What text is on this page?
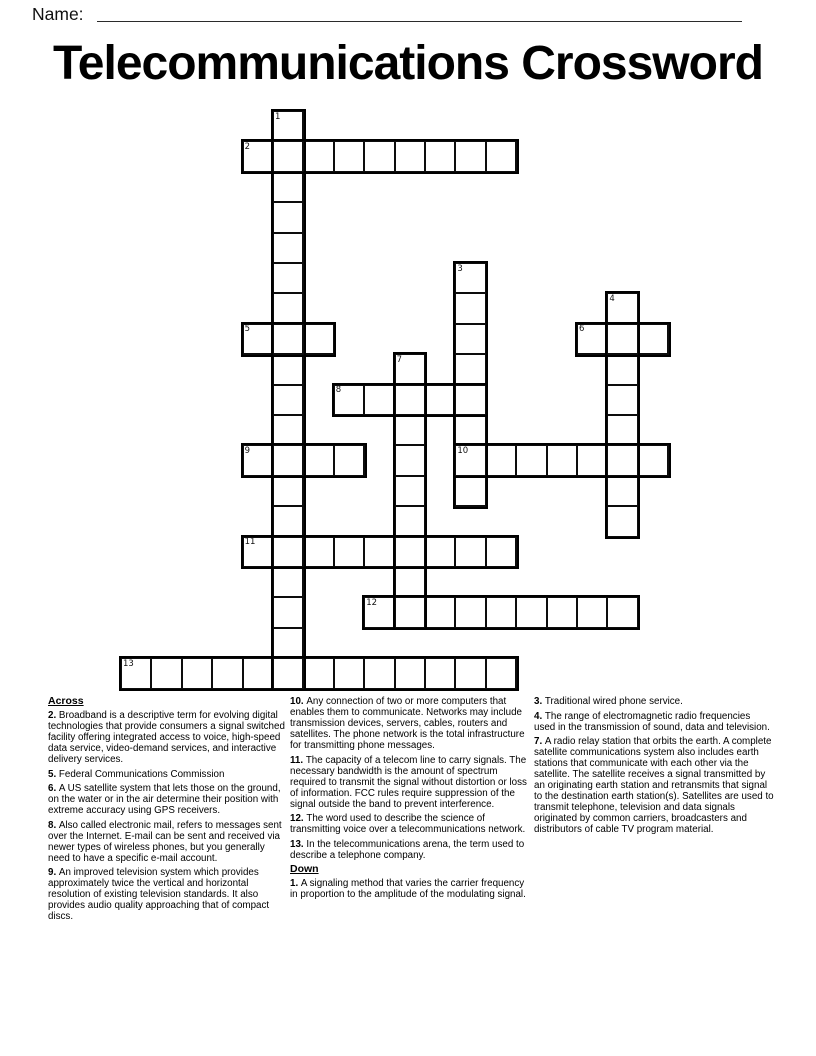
Name:
Telecommunications Crossword
1
2
3
4
5	6
7
8
9	10
11
12
13
Across
2. Broadband is a descriptive term for evolving digital technologies that provide consumers a signal switched facility offering integrated access to voice, high-speed data service, video-demand services, and interactive delivery services.
5. Federal Communications Commission
6. A US satellite system that lets those on the ground, on the water or in the air determine their position with extreme accuracy using GPS receivers.
8. Also called electronic mail, refers to messages sent over the Internet. E-mail can be sent and received via newer types of wireless phones, but you generally need to have a specific e-mail account.
9. An improved television system which provides approximately twice the vertical and horizontal resolution of existing television standards. It also provides audio quality approaching that of compact discs.
10. Any connection of two or more computers that enables them to communicate. Networks may include transmission devices, servers, cables, routers and satellites. The phone network is the total infrastructure for transmitting phone messages.
11. The capacity of a telecom line to carry signals. The necessary bandwidth is the amount of spectrum required to transmit the signal without distortion or loss of information. FCC rules require suppression of the signal outside the band to prevent interference.
12. The word used to describe the science of transmitting voice over a telecommunications network.
13. In the telecommunications arena, the term used to describe a telephone company.
Down
1. A signaling method that varies the carrier frequency in proportion to the amplitude of the modulating signal.
3. Traditional wired phone service.
4. The range of electromagnetic radio frequencies used in the transmission of sound, data and television.
7. A radio relay station that orbits the earth. A complete satellite communications system also includes earth stations that communicate with each other via the satellite. The satellite receives a signal transmitted by an originating earth station and retransmits that signal to the destination earth station(s). Satellites are used to transmit telephone, television and data signals originated by common carriers, broadcasters and distributors of cable TV program material.
